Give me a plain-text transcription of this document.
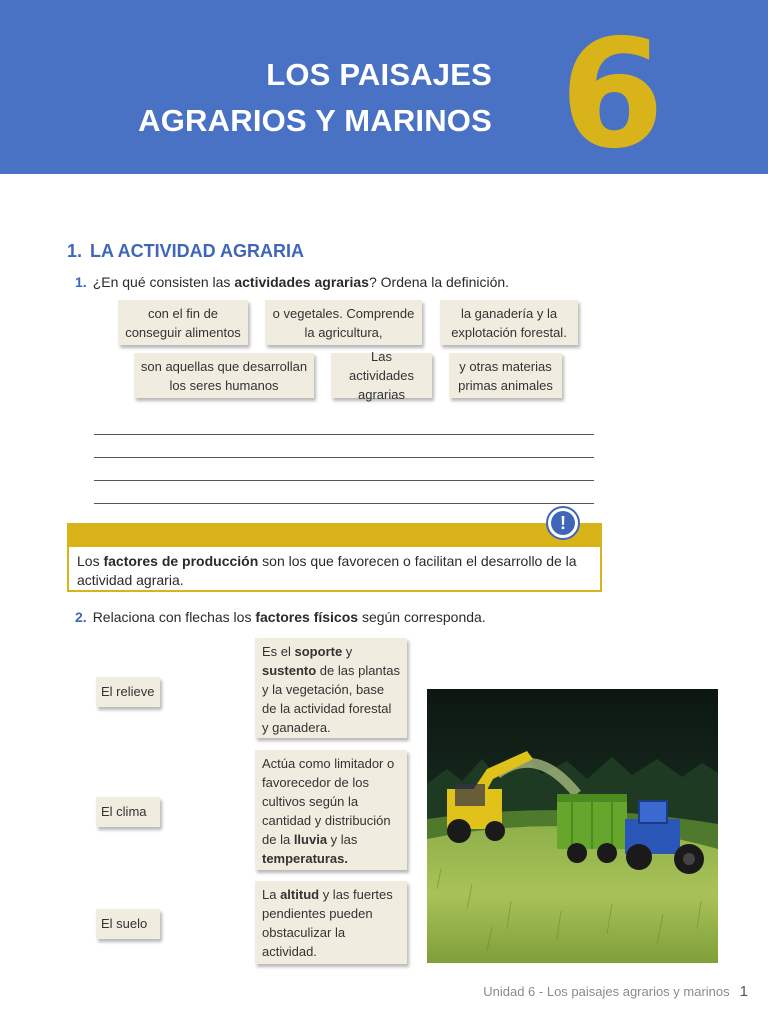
LOS PAISAJES
AGRARIOS Y MARINOS 6
1. LA ACTIVIDAD AGRARIA
1. ¿En qué consisten las actividades agrarias? Ordena la definición.
con el fin de conseguir alimentos
o vegetales. Comprende la agricultura,
la ganadería y la explotación forestal.
son aquellas que desarrollan los seres humanos
Las actividades agrarias
y otras materias primas animales
Los factores de producción son los que favorecen o facilitan el desarrollo de la actividad agraria.
!
2. Relaciona con flechas los factores físicos según corresponda.
El relieve
El clima
El suelo
Es el soporte y sustento de las plantas y la vegetación, base de la actividad forestal y ganadera.
Actúa como limitador o favorecedor de los cultivos según la cantidad y distribución de la lluvia y las temperaturas.
La altitud y las fuertes pendientes pueden obstaculizar la actividad.
Unidad 6 - Los paisajes agrarios y marinos 1
